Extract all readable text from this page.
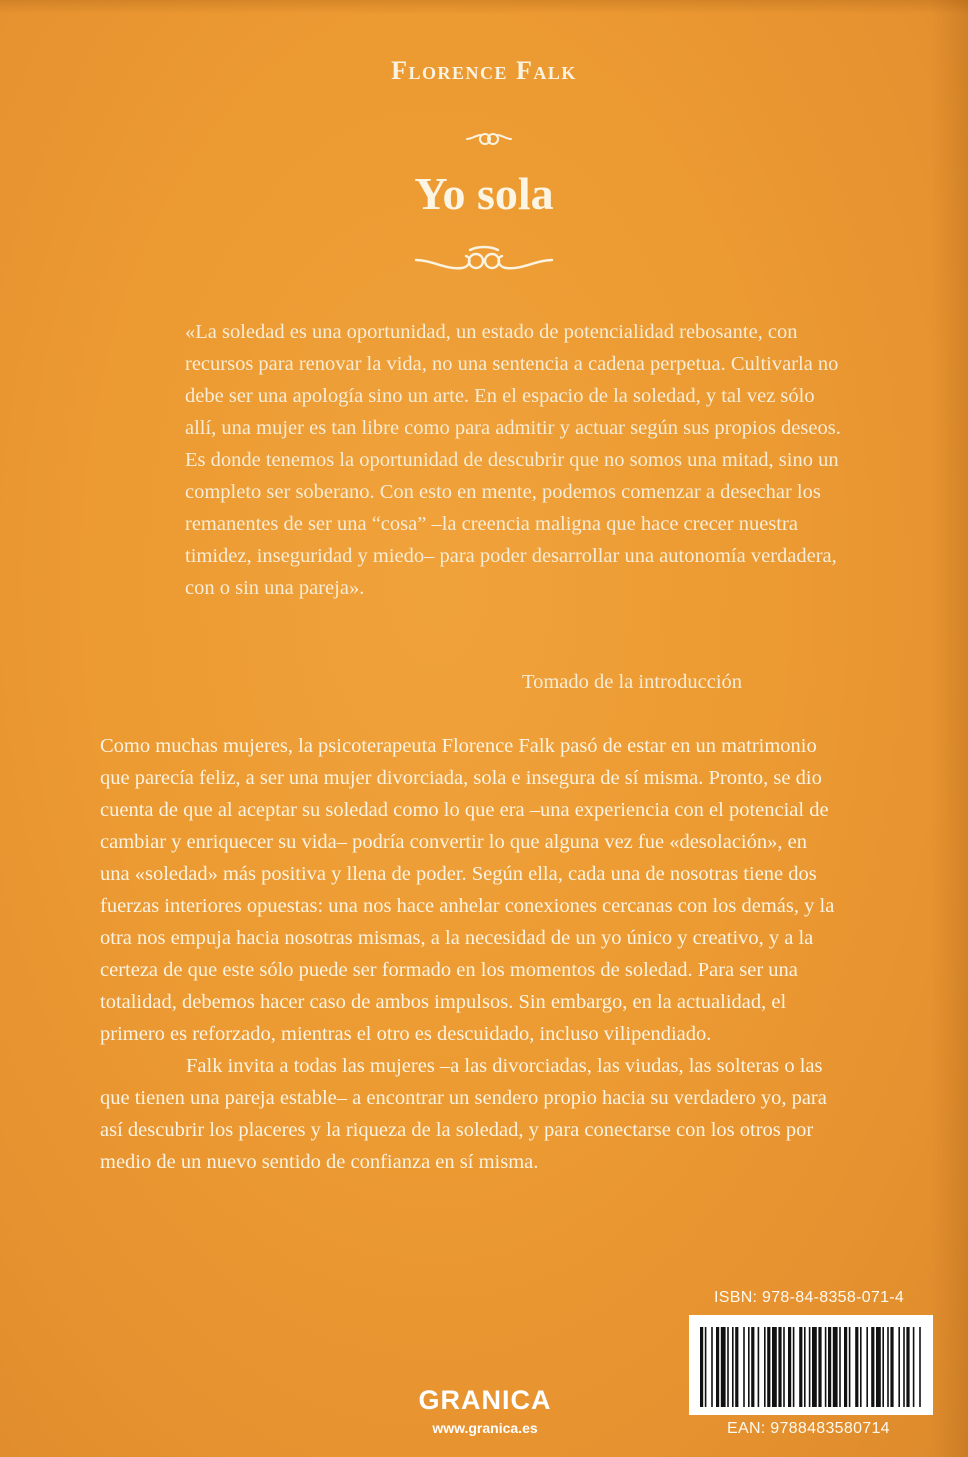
Florence Falk
Yo sola

«La soledad es una oportunidad, un estado de potencialidad rebosante, con recursos para renovar la vida, no una sentencia a cadena perpetua. Cultivarla no debe ser una apología sino un arte. En el espacio de la soledad, y tal vez sólo allí, una mujer es tan libre como para admitir y actuar según sus propios deseos. Es donde tenemos la oportunidad de descubrir que no somos una mitad, sino un completo ser soberano. Con esto en mente, podemos comenzar a desechar los remanentes de ser una “cosa” –la creencia maligna que hace crecer nuestra timidez, inseguridad y miedo– para poder desarrollar una autonomía verdadera, con o sin una pareja».

Tomado de la introducción

Como muchas mujeres, la psicoterapeuta Florence Falk pasó de estar en un matrimonio que parecía feliz, a ser una mujer divorciada, sola e insegura de sí misma. Pronto, se dio cuenta de que al aceptar su soledad como lo que era –una experiencia con el potencial de cambiar y enriquecer su vida– podría convertir lo que alguna vez fue «desolación», en una «soledad» más positiva y llena de poder. Según ella, cada una de nosotras tiene dos fuerzas interiores opuestas: una nos hace anhelar conexiones cercanas con los demás, y la otra nos empuja hacia nosotras mismas, a la necesidad de un yo único y creativo, y a la certeza de que este sólo puede ser formado en los momentos de soledad. Para ser una totalidad, debemos hacer caso de ambos impulsos. Sin embargo, en la actualidad, el primero es reforzado, mientras el otro es descuidado, incluso vilipendiado.

Falk invita a todas las mujeres –a las divorciadas, las viudas, las solteras o las que tienen una pareja estable– a encontrar un sendero propio hacia su verdadero yo, para así descubrir los placeres y la riqueza de la soledad, y para conectarse con los otros por medio de un nuevo sentido de confianza en sí misma.

GRANICA
www.granica.es
ISBN: 978-84-8358-071-4
EAN: 9788483580714
